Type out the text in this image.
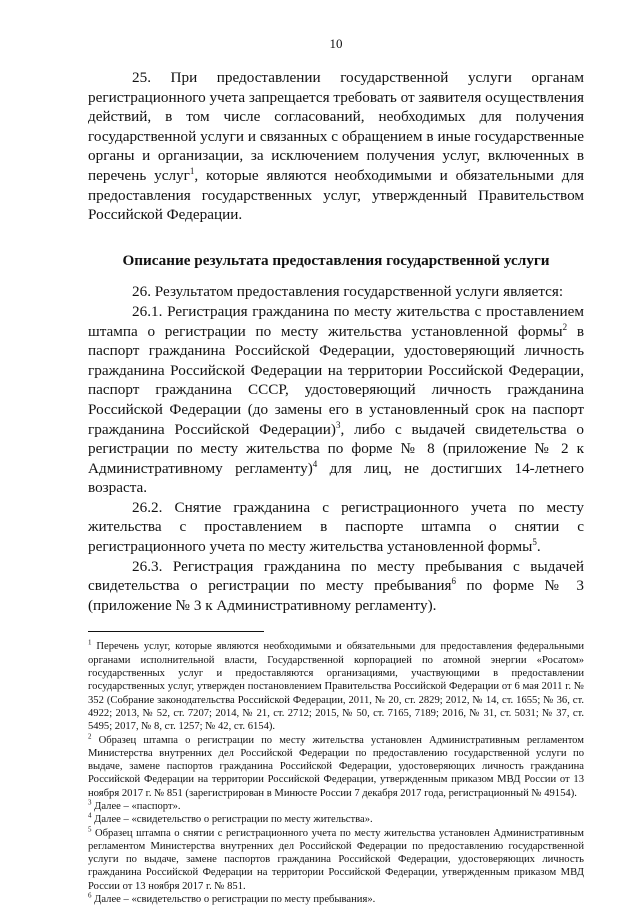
10

25. При предоставлении государственной услуги органам регистрационного учета запрещается требовать от заявителя осуществления действий, в том числе согласований, необходимых для получения государственной услуги и связанных с обращением в иные государственные органы и организации, за исключением получения услуг, включенных в перечень услуг$^1$, которые являются необходимыми и обязательными для предоставления государственных услуг, утвержденный Правительством Российской Федерации.

Описание результата предоставления государственной услуги

26. Результатом предоставления государственной услуги является:

26.1. Регистрация гражданина по месту жительства с проставлением штампа о регистрации по месту жительства установленной формы$^2$ в паспорт гражданина Российской Федерации, удостоверяющий личность гражданина Российской Федерации на территории Российской Федерации, паспорт гражданина СССР, удостоверяющий личность гражданина Российской Федерации (до замены его в установленный срок на паспорт гражданина Российской Федерации)$^3$, либо с выдачей свидетельства о регистрации по месту жительства по форме № 8 (приложение № 2 к Административному регламенту)$^4$ для лиц, не достигших 14-летнего возраста.

26.2. Снятие гражданина с регистрационного учета по месту жительства с проставлением в паспорте штампа о снятии с регистрационного учета по месту жительства установленной формы$^5$.

26.3. Регистрация гражданина по месту пребывания с выдачей свидетельства о регистрации по месту пребывания$^6$ по форме № 3 (приложение № 3 к Административному регламенту).

$^1$ Перечень услуг, которые являются необходимыми и обязательными для предоставления федеральными органами исполнительной власти, Государственной корпорацией по атомной энергии «Росатом» государственных услуг и предоставляются организациями, участвующими в предоставлении государственных услуг, утвержден постановлением Правительства Российской Федерации от 6 мая 2011 г. № 352 (Собрание законодательства Российской Федерации, 2011, № 20, ст. 2829; 2012, № 14, ст. 1655; № 36, ст. 4922; 2013, № 52, ст. 7207; 2014, № 21, ст. 2712; 2015, № 50, ст. 7165, 7189; 2016, № 31, ст. 5031; № 37, ст. 5495; 2017, № 8, ст. 1257; № 42, ст. 6154).

$^2$ Образец штампа о регистрации по месту жительства установлен Административным регламентом Министерства внутренних дел Российской Федерации по предоставлению государственной услуги по выдаче, замене паспортов гражданина Российской Федерации, удостоверяющих личность гражданина Российской Федерации на территории Российской Федерации, утвержденным приказом МВД России от 13 ноября 2017 г. № 851 (зарегистрирован в Минюсте России 7 декабря 2017 года, регистрационный № 49154).

$^3$ Далее – «паспорт».

$^4$ Далее – «свидетельство о регистрации по месту жительства».

$^5$ Образец штампа о снятии с регистрационного учета по месту жительства установлен Административным регламентом Министерства внутренних дел Российской Федерации по предоставлению государственной услуги по выдаче, замене паспортов гражданина Российской Федерации, удостоверяющих личность гражданина Российской Федерации на территории Российской Федерации, утвержденным приказом МВД России от 13 ноября 2017 г. № 851.

$^6$ Далее – «свидетельство о регистрации по месту пребывания».
